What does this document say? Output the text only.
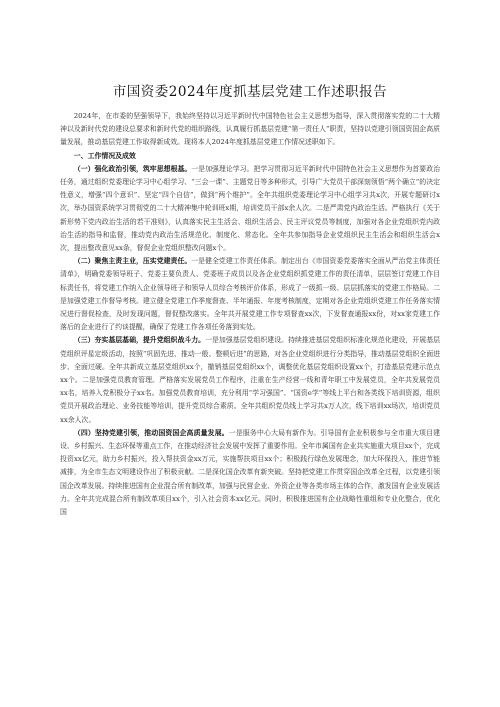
市国资委2024年度抓基层党建工作述职报告

2024年，在市委的坚强领导下，我始终坚持以习近平新时代中国特色社会主义思想为指导，深入贯彻落实党的二十大精神以及新时代党的建设总要求和新时代党的组织路线，认真履行抓基层党建“第一责任人”职责，坚持以党建引领国资国企高质量发展，推动基层党建工作取得新成效。现将本人2024年度抓基层党建工作情况述职如下。

一、工作情况及成效

（一）强化政治引领，筑牢思想根基。一是加强理论学习。把学习贯彻习近平新时代中国特色社会主义思想作为首要政治任务，通过组织党委理论学习中心组学习、“三会一课”、主题党日等多种形式，引导广大党员干部深刻领悟“两个确立”的决定性意义，增强“四个意识”、坚定“四个自信”，做到“两个维护”。全年共组织党委理论学习中心组学习共x次，开展专题研讨x次，举办国资系统学习贯彻党的二十大精神集中轮训班x期，培训党员干部x余人次。二是严肃党内政治生活。严格执行《关于新形势下党内政治生活的若干准则》，认真落实民主生活会、组织生活会、民主评议党员等制度，加强对各企业党组织党内政治生活的指导和监督，推动党内政治生活规范化、制度化、常态化。全年共参加指导企业党组织民主生活会和组织生活会x次，提出整改意见xx条，督促企业党组织整改问题x个。

（二）聚焦主责主业，压实党建责任。一是健全党建工作责任体系。制定出台《市国资委党委落实全面从严治党主体责任清单》，明确党委领导班子、党委主要负责人、党委班子成员以及各企业党组织抓党建工作的责任清单，层层签订党建工作目标责任书，将党建工作纳入企业领导班子和领导人员综合考核评价体系，形成了一级抓一级、层层抓落实的党建工作格局。二是加强党建工作督导考核。建立健全党建工作季度督查、半年通报、年度考核制度，定期对各企业党组织党建工作任务落实情况进行督促检查，及时发现问题，督促整改落实。全年共开展党建工作专项督查xx次，下发督查通报xx份，对xx家党建工作落后的企业进行了约谈提醒，确保了党建工作各项任务落到实处。

（三）夯实基层基础，提升党组织战斗力。一是加强基层党组织建设。持续推进基层党组织标准化规范化建设，开展基层党组织评星定级活动，按照“巩固先进、推动一般、整顿后进”的思路，对各企业党组织进行分类指导，推动基层党组织全面进步、全面过硬。全年共新成立基层党组织xx个，撤销基层党组织xx个，调整优化基层党组织设置xx个，打造基层党建示范点xx个。二是加强党员教育管理。严格落实发展党员工作程序，注重在生产经营一线和青年职工中发展党员，全年共发展党员xx名，培养入党积极分子xx名。加强党员教育培训，充分利用“学习强国”、“国资e学”等线上平台和各类线下培训资源，组织党员开展政治理论、业务技能等培训，提升党员综合素质。全年共组织党员线上学习共x万人次，线下培训xx场次，培训党员xx余人次。

（四）坚持党建引领，推动国资国企高质量发展。一是服务中心大局有新作为。引导国有企业积极参与全市重大项目建设、乡村振兴、生态环保等重点工作，在推动经济社会发展中发挥了重要作用。全年市属国有企业共实施重大项目xx个，完成投资xx亿元，助力乡村振兴，投入帮扶资金xx万元，实施帮扶项目xx个；积极践行绿色发展理念，加大环保投入，推进节能减排，为全市生态文明建设作出了积极贡献。二是深化国企改革有新突破。坚持把党建工作贯穿国企改革全过程，以党建引领国企改革发展。持续推进国有企业混合所有制改革，加强与民营企业、外资企业等各类市场主体的合作，激发国有企业发展活力。全年共完成混合所有制改革项目xx个，引入社会资本xx亿元。同时，积极推进国有企业战略性重组和专业化整合，优化国
